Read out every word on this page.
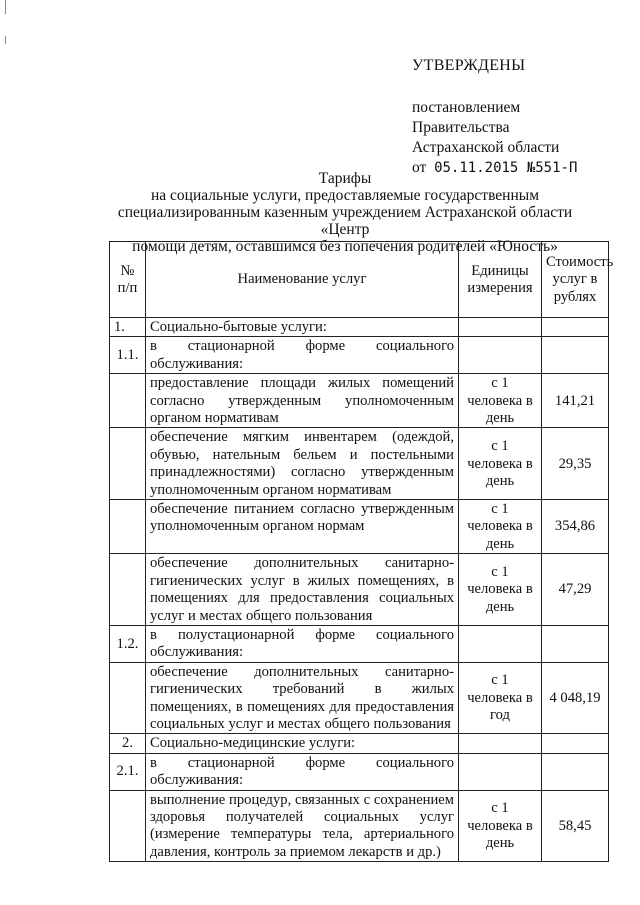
УТВЕРЖДЕНЫ
постановлением
Правительства
Астраханской области
от 05.11.2015 №551-П
Тарифы
на социальные услуги, предоставляемые государственным
специализированным казенным учреждением Астраханской области «Центр
помощи детям, оставшимся без попечения родителей «Юность»
№ п/п	Наименование услуг	Единицы измерения	Стоимость услуг в рублях
1.	Социально-бытовые услуги:		
1.1.	в стационарной форме социального обслуживания:		
	предоставление площади жилых помещений согласно утвержденным уполномоченным органом нормативам	с 1 человека в день	141,21
	обеспечение мягким инвентарем (одеждой, обувью, нательным бельем и постельными принадлежностями) согласно утвержденным уполномоченным органом нормативам	с 1 человека в день	29,35
	обеспечение питанием согласно утвержденным уполномоченным органом нормам	с 1 человека в день	354,86
	обеспечение дополнительных санитарно-гигиенических услуг в жилых помещениях, в помещениях для предоставления социальных услуг и местах общего пользования	с 1 человека в день	47,29
1.2.	в полустационарной форме социального обслуживания:		
	обеспечение дополнительных санитарно-гигиенических требований в жилых помещениях, в помещениях для предоставления социальных услуг и местах общего пользования	с 1 человека в год	4 048,19
2.	Социально-медицинские услуги:		
2.1.	в стационарной форме социального обслуживания:		
	выполнение процедур, связанных с сохранением здоровья получателей социальных услуг (измерение температуры тела, артериального давления, контроль за приемом лекарств и др.)	с 1 человека в день	58,45
